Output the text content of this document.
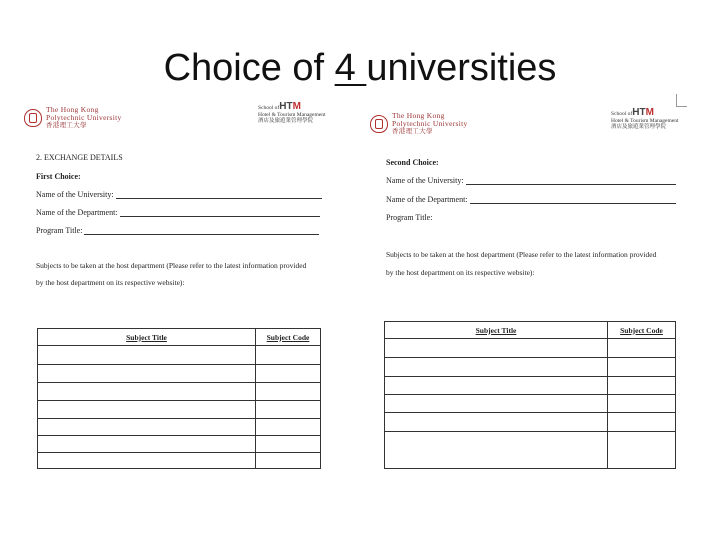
Choice of 4 universities
The Hong Kong
Polytechnic University
香港理工大學
School ofHTM
Hotel & Tourism Management
酒店及旅遊業管理學院
2. EXCHANGE DETAILS
First Choice:
Name of the University:
Name of the Department:
Program Title:
Subjects to be taken at the host department (Please refer to the latest information provided
by the host department on its respective website):
Subject Title	Subject Code

The Hong Kong
Polytechnic University
香港理工大學
School ofHTM
Hotel & Tourism Management
酒店及旅遊業管理學院
Second Choice:
Name of the University:
Name of the Department:
Program Title:
Subjects to be taken at the host department (Please refer to the latest information provided
by the host department on its respective website):
Subject Title	Subject Code
